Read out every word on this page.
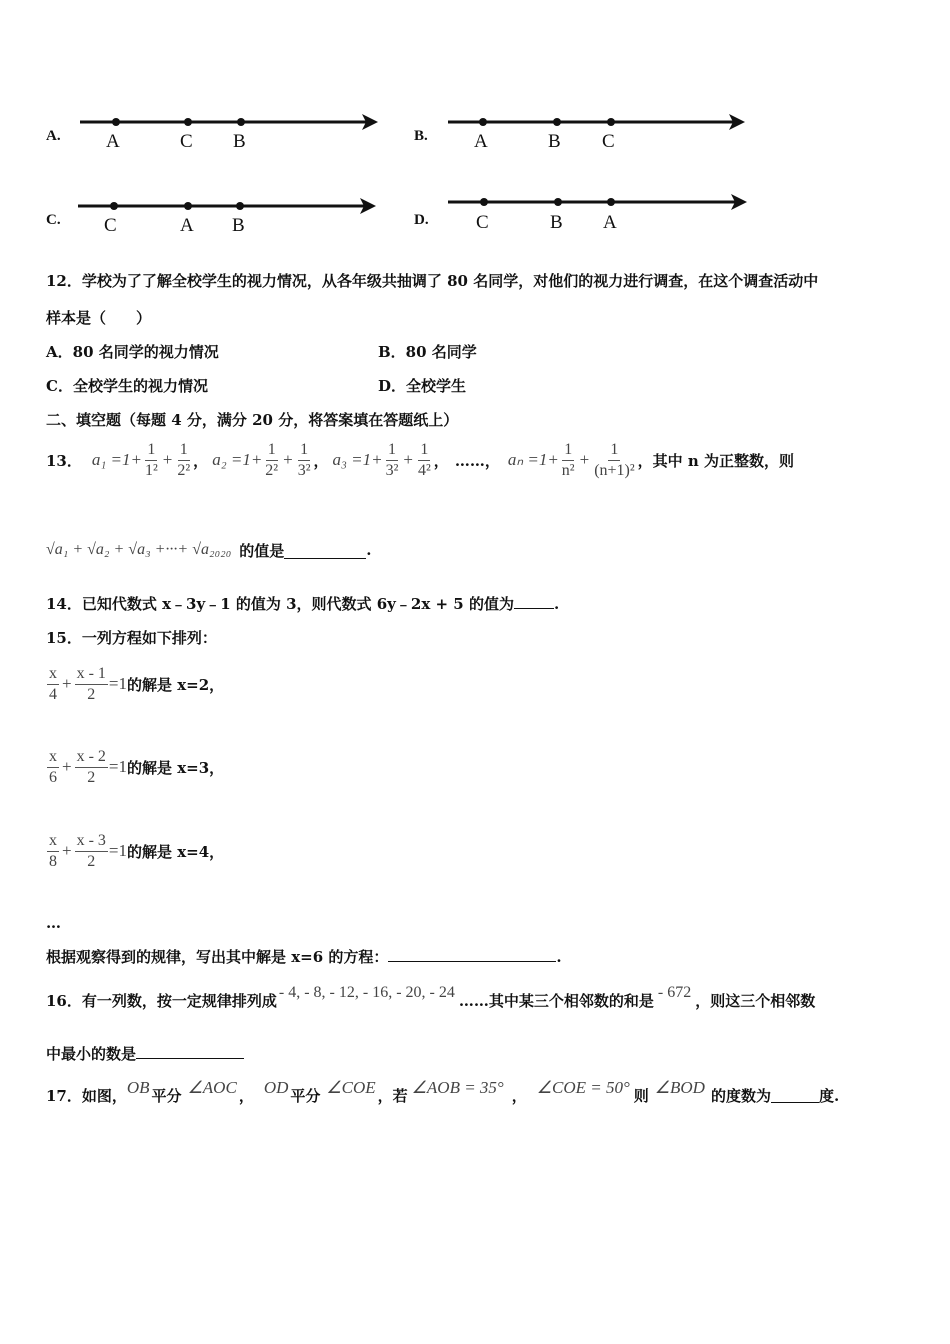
A. A	C B	B. A	B C
C. C	A B	D. C	B A
12．学校为了了解全校学生的视力情况，从各年级共抽调了 80 名同学，对他们的视力进行调查，在这个调查活动中
样本是（　　）
A．80 名同学的视力情况	B．80 名同学
C．全校学生的视力情况	D．全校学生
二、填空题（每题 4 分，满分 20 分，将答案填在答题纸上）
13． $a_1 =1+ \frac{1}{\text{1²}} + \frac{1}{\text{2²}}$ ， $a_2 =1+ \frac{1}{\text{2²}} + \frac{1}{\text{3²}}$ ， $a_3 =1+ \frac{1}{\text{3²}} + \frac{1}{\text{4²}}$ ， ……， $a_n =1+ \frac{1}{\text{n²}} + \frac{1}{\text{(n+1)²}}$ ，其中 n 为正整数，则
√a₁ + √a₂ + √a₃ +···+ √a₂₀₂₀ 的值是	.
14．已知代数式 x﹣3y﹣1 的值为 3，则代数式 6y﹣2x + 5 的值为	.
15．一列方程如下排列：
$\frac{x}{4} + \frac{x - 1}{2} =1$ 的解是 x=2，
$\frac{x}{6} + \frac{x - 2}{2} =1$ 的解是 x=3，
$\frac{x}{8} + \frac{x - 3}{2} =1$ 的解是 x=4，
…
根据观察得到的规律，写出其中解是 x=6 的方程：	.
16．有一列数，按一定规律排列成 - 4, - 8, - 12, - 16, - 20, - 24 ……其中某三个相邻数的和是 - 672 ，则这三个相邻数
中最小的数是
17．如图， OB 平分 ∠AOC ， OD 平分 ∠COE ，若 ∠AOB = 35° ， ∠COE = 50° 则 ∠BOD 的度数为	度.
